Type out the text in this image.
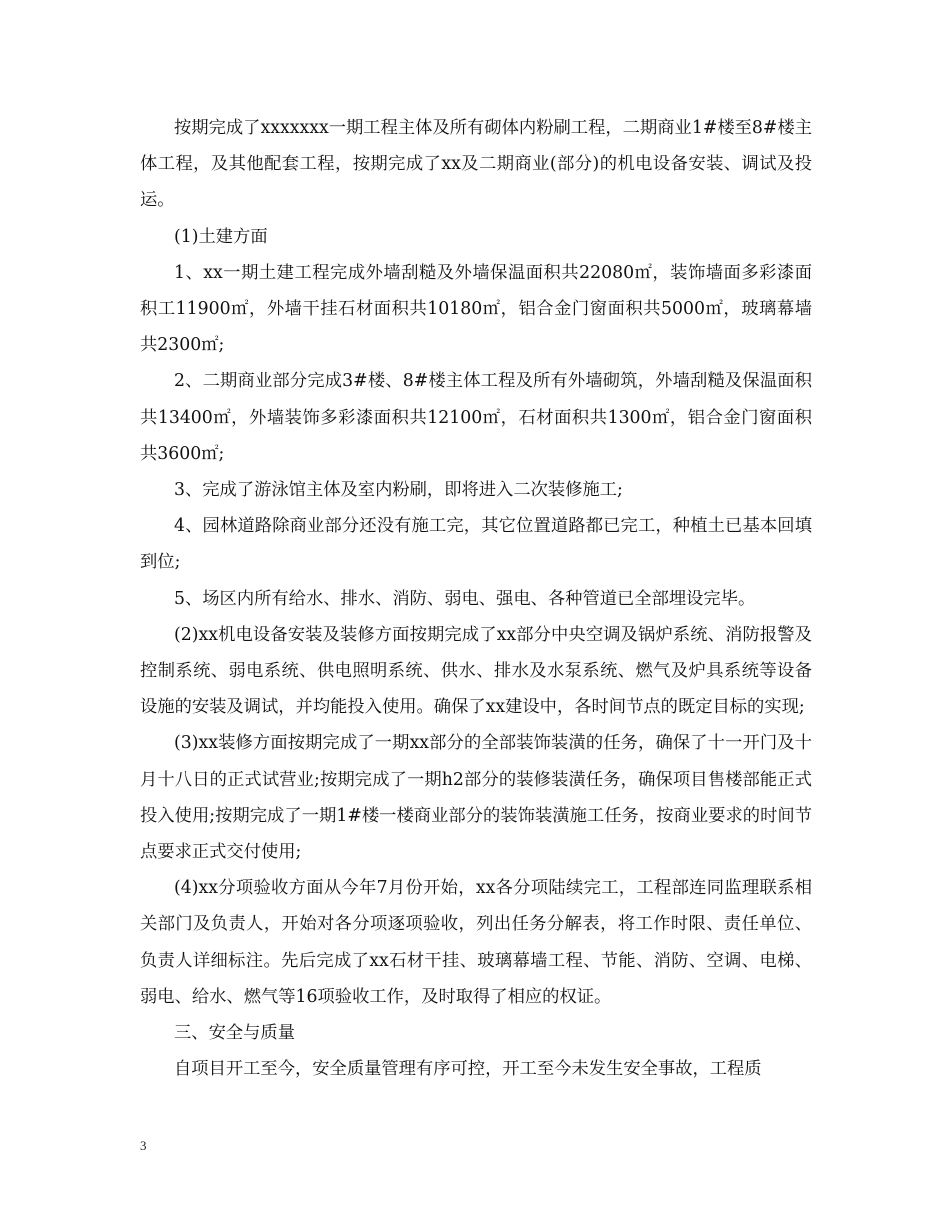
按期完成了xxxxxxx一期工程主体及所有砌体内粉刷工程，二期商业1#楼至8#楼主体工程，及其他配套工程，按期完成了xx及二期商业(部分)的机电设备安装、调试及投运。

(1)土建方面

1、xx一期土建工程完成外墙刮糙及外墙保温面积共22080㎡，装饰墙面多彩漆面积工11900㎡，外墙干挂石材面积共10180㎡，铝合金门窗面积共5000㎡，玻璃幕墙共2300㎡;

2、二期商业部分完成3#楼、8#楼主体工程及所有外墙砌筑，外墙刮糙及保温面积共13400㎡，外墙装饰多彩漆面积共12100㎡，石材面积共1300㎡，铝合金门窗面积共3600㎡;

3、完成了游泳馆主体及室内粉刷，即将进入二次装修施工;

4、园林道路除商业部分还没有施工完，其它位置道路都已完工，种植土已基本回填到位;

5、场区内所有给水、排水、消防、弱电、强电、各种管道已全部埋设完毕。

(2)xx机电设备安装及装修方面按期完成了xx部分中央空调及锅炉系统、消防报警及控制系统、弱电系统、供电照明系统、供水、排水及水泵系统、燃气及炉具系统等设备设施的安装及调试，并均能投入使用。确保了xx建设中，各时间节点的既定目标的实现;

(3)xx装修方面按期完成了一期xx部分的全部装饰装潢的任务，确保了十一开门及十月十八日的正式试营业;按期完成了一期h2部分的装修装潢任务，确保项目售楼部能正式投入使用;按期完成了一期1#楼一楼商业部分的装饰装潢施工任务，按商业要求的时间节点要求正式交付使用;

(4)xx分项验收方面从今年7月份开始，xx各分项陆续完工，工程部连同监理联系相关部门及负责人，开始对各分项逐项验收，列出任务分解表，将工作时限、责任单位、负责人详细标注。先后完成了xx石材干挂、玻璃幕墙工程、节能、消防、空调、电梯、弱电、给水、燃气等16项验收工作，及时取得了相应的权证。

三、安全与质量

自项目开工至今，安全质量管理有序可控，开工至今未发生安全事故，工程质

3
